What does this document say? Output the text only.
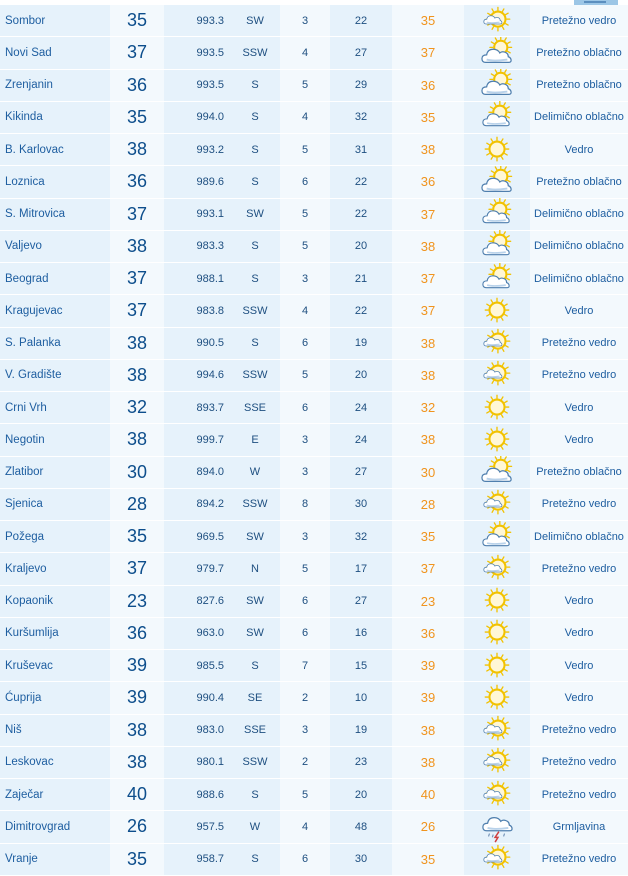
Sombor	35	993.3	SW	3	22	35	Pretežno vedro
Novi Sad	37	993.5	SSW	4	27	37	Pretežno oblačno
Zrenjanin	36	993.5	S	5	29	36	Pretežno oblačno
Kikinda	35	994.0	S	4	32	35	Delimično oblačno
B. Karlovac	38	993.2	S	5	31	38	Vedro
Loznica	36	989.6	S	6	22	36	Pretežno oblačno
S. Mitrovica	37	993.1	SW	5	22	37	Delimično oblačno
Valjevo	38	983.3	S	5	20	38	Delimično oblačno
Beograd	37	988.1	S	3	21	37	Delimično oblačno
Kragujevac	37	983.8	SSW	4	22	37	Vedro
S. Palanka	38	990.5	S	6	19	38	Pretežno vedro
V. Gradište	38	994.6	SSW	5	20	38	Pretežno vedro
Crni Vrh	32	893.7	SSE	6	24	32	Vedro
Negotin	38	999.7	E	3	24	38	Vedro
Zlatibor	30	894.0	W	3	27	30	Pretežno oblačno
Sjenica	28	894.2	SSW	8	30	28	Pretežno vedro
Požega	35	969.5	SW	3	32	35	Delimično oblačno
Kraljevo	37	979.7	N	5	17	37	Pretežno vedro
Kopaonik	23	827.6	SW	6	27	23	Vedro
Kuršumlija	36	963.0	SW	6	16	36	Vedro
Kruševac	39	985.5	S	7	15	39	Vedro
Ćuprija	39	990.4	SE	2	10	39	Vedro
Niš	38	983.0	SSE	3	19	38	Pretežno vedro
Leskovac	38	980.1	SSW	2	23	38	Pretežno vedro
Zaječar	40	988.6	S	5	20	40	Pretežno vedro
Dimitrovgrad	26	957.5	W	4	48	26	Grmljavina
Vranje	35	958.7	S	6	30	35	Pretežno vedro
